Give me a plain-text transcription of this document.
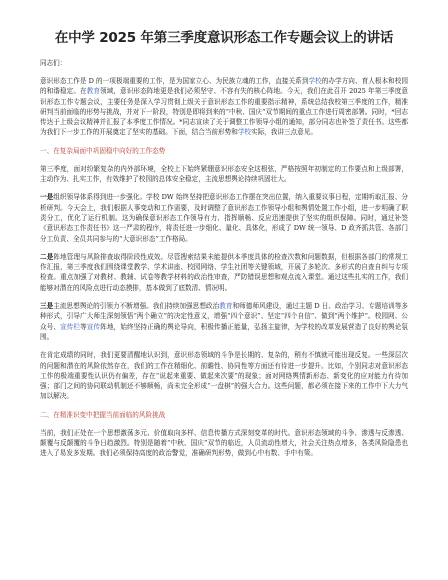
在中学 2025 年第三季度意识形态工作专题会议上的讲话
同志们：

意识形态工作是 D 的一项极端重要的工作，是为国家立心、为民族立魂的工作，直接关系到学校的办学方向、育人根本和校园的和谐稳定。在教育领域，意识形态阵地更是我们必须坚守、不容有失的核心阵地。今天，我们在此召开 2025 年第三季度意识形态工作专题会议，主要任务是深入学习贯彻上级关于意识形态工作的重要指示精神，系统总结我校第三季度的工作，精准研判当前面临的形势与挑战，并对下一阶段，特别是即将到来的“中秋、国庆”双节期间的重点工作进行周密部署。同时，*回志传达于上级会议精神并汇报了本季度工作情况。*同志宣读了关于调整工作领导小组的通知，部分同志也补签了责任书。这些都为我们下一步工作的开展奠定了坚实的基础。下面，结合当前形势和学校实际，我讲三点意见。

一、在复杂局面中巩固稳中向好的工作态势

第三季度，面对纷繁复杂的内外部环境，全校上下始终紧绷意识形态安全这根弦，严格按照年初制定的工作要点和上级部署，主动作为、扎实工作，有效维护了校园的总体安全稳定，主流思想舆论持续巩固壮大。

一是组织领导体系得到进一步强化。学校 DW 始终坚持把意识形态工作摆在突出位置，纳入重要议事日程，定期听取汇报、分析研判。今天会上，我们根据人事变动和工作需要，及时调整了意识形态工作领导小组和舆情处置工作小组，进一步明确了职责分工，优化了运行机制。这为确保意识形态工作领导有力、指挥顺畅、反应迅速提供了坚实的组织保障。同时，通过补签《意识形态工作责任书》这一严肃的程序，将责任进一步细化、量化、具体化，形成了 DW 统一领导、D 政齐抓共管、各部门分工负责、全员共同参与的“大意识形态”工作格局。

二是阵地管理与风险排查取得阶段性成效。尽管搜索结果未能提供本季度具体的检查次数和问题数据，但根据各部门的常规工作汇报，第三季度我们围绕课堂教学、学术讲座、校园网络、学生社团等关键领域，开展了多轮次、多形式的自查自纠与专项检查。重点加强了对教材、教辅、试卷等教学材料的政治性审查，严防错误思想和观点流入课堂。通过这些扎实的工作，我们能够对潜在的风险点进行动态摸排，基本做到了底数清、情况明。

三是主流思想舆论的引领力不断增强。我们持续加强思想政治教育和师德师风建设，通过主题 D 日、政治学习、专题培训等多种形式，引导广大师生深刻领悟“两个确立”的决定性意义，增强“四个意识”、坚定“四个自信”、做到“两个维护”。校园网、公众号、宣传栏等宣传阵地，始终坚持正确的舆论导向，积极传播正能量，弘扬主旋律，为学校的改革发展营造了良好的舆论氛围。

在肯定成绩的同时，我们更要清醒地认识到，意识形态领域的斗争是长期的、复杂的，稍有不慎就可能出现反复。一些深层次的问题和潜在的风险依然存在，我们的工作在精细化、前瞻性、协同性等方面还有待进一步提升。比如，个别同志对意识形态工作的极端重要性认识仍有偏差，存在“说起来重要、做起来次要”的现象；面对网络舆情新形态、新变化的应对能力有待加强；部门之间的协同联动机制还不够顺畅，尚未完全形成“一盘棋”的强大合力。这些问题，都必须在接下来的工作中下大力气加以解决。

二、在精准识变中把握当前面临的风险挑战

当前，我们正处在一个思想激荡多元、价值取向多样、信息传播方式深刻变革的时代。意识形态领域的斗争、渗透与反渗透、颠覆与反颠覆的斗争日趋激烈。特别是随着“中秋、国庆”双节的临近，人员流动性增大，社会关注热点增多，各类风险隐患也进入了易发多发期。我们必须保持高度的政治警觉，准确研判形势，做到心中有数、手中有策。
